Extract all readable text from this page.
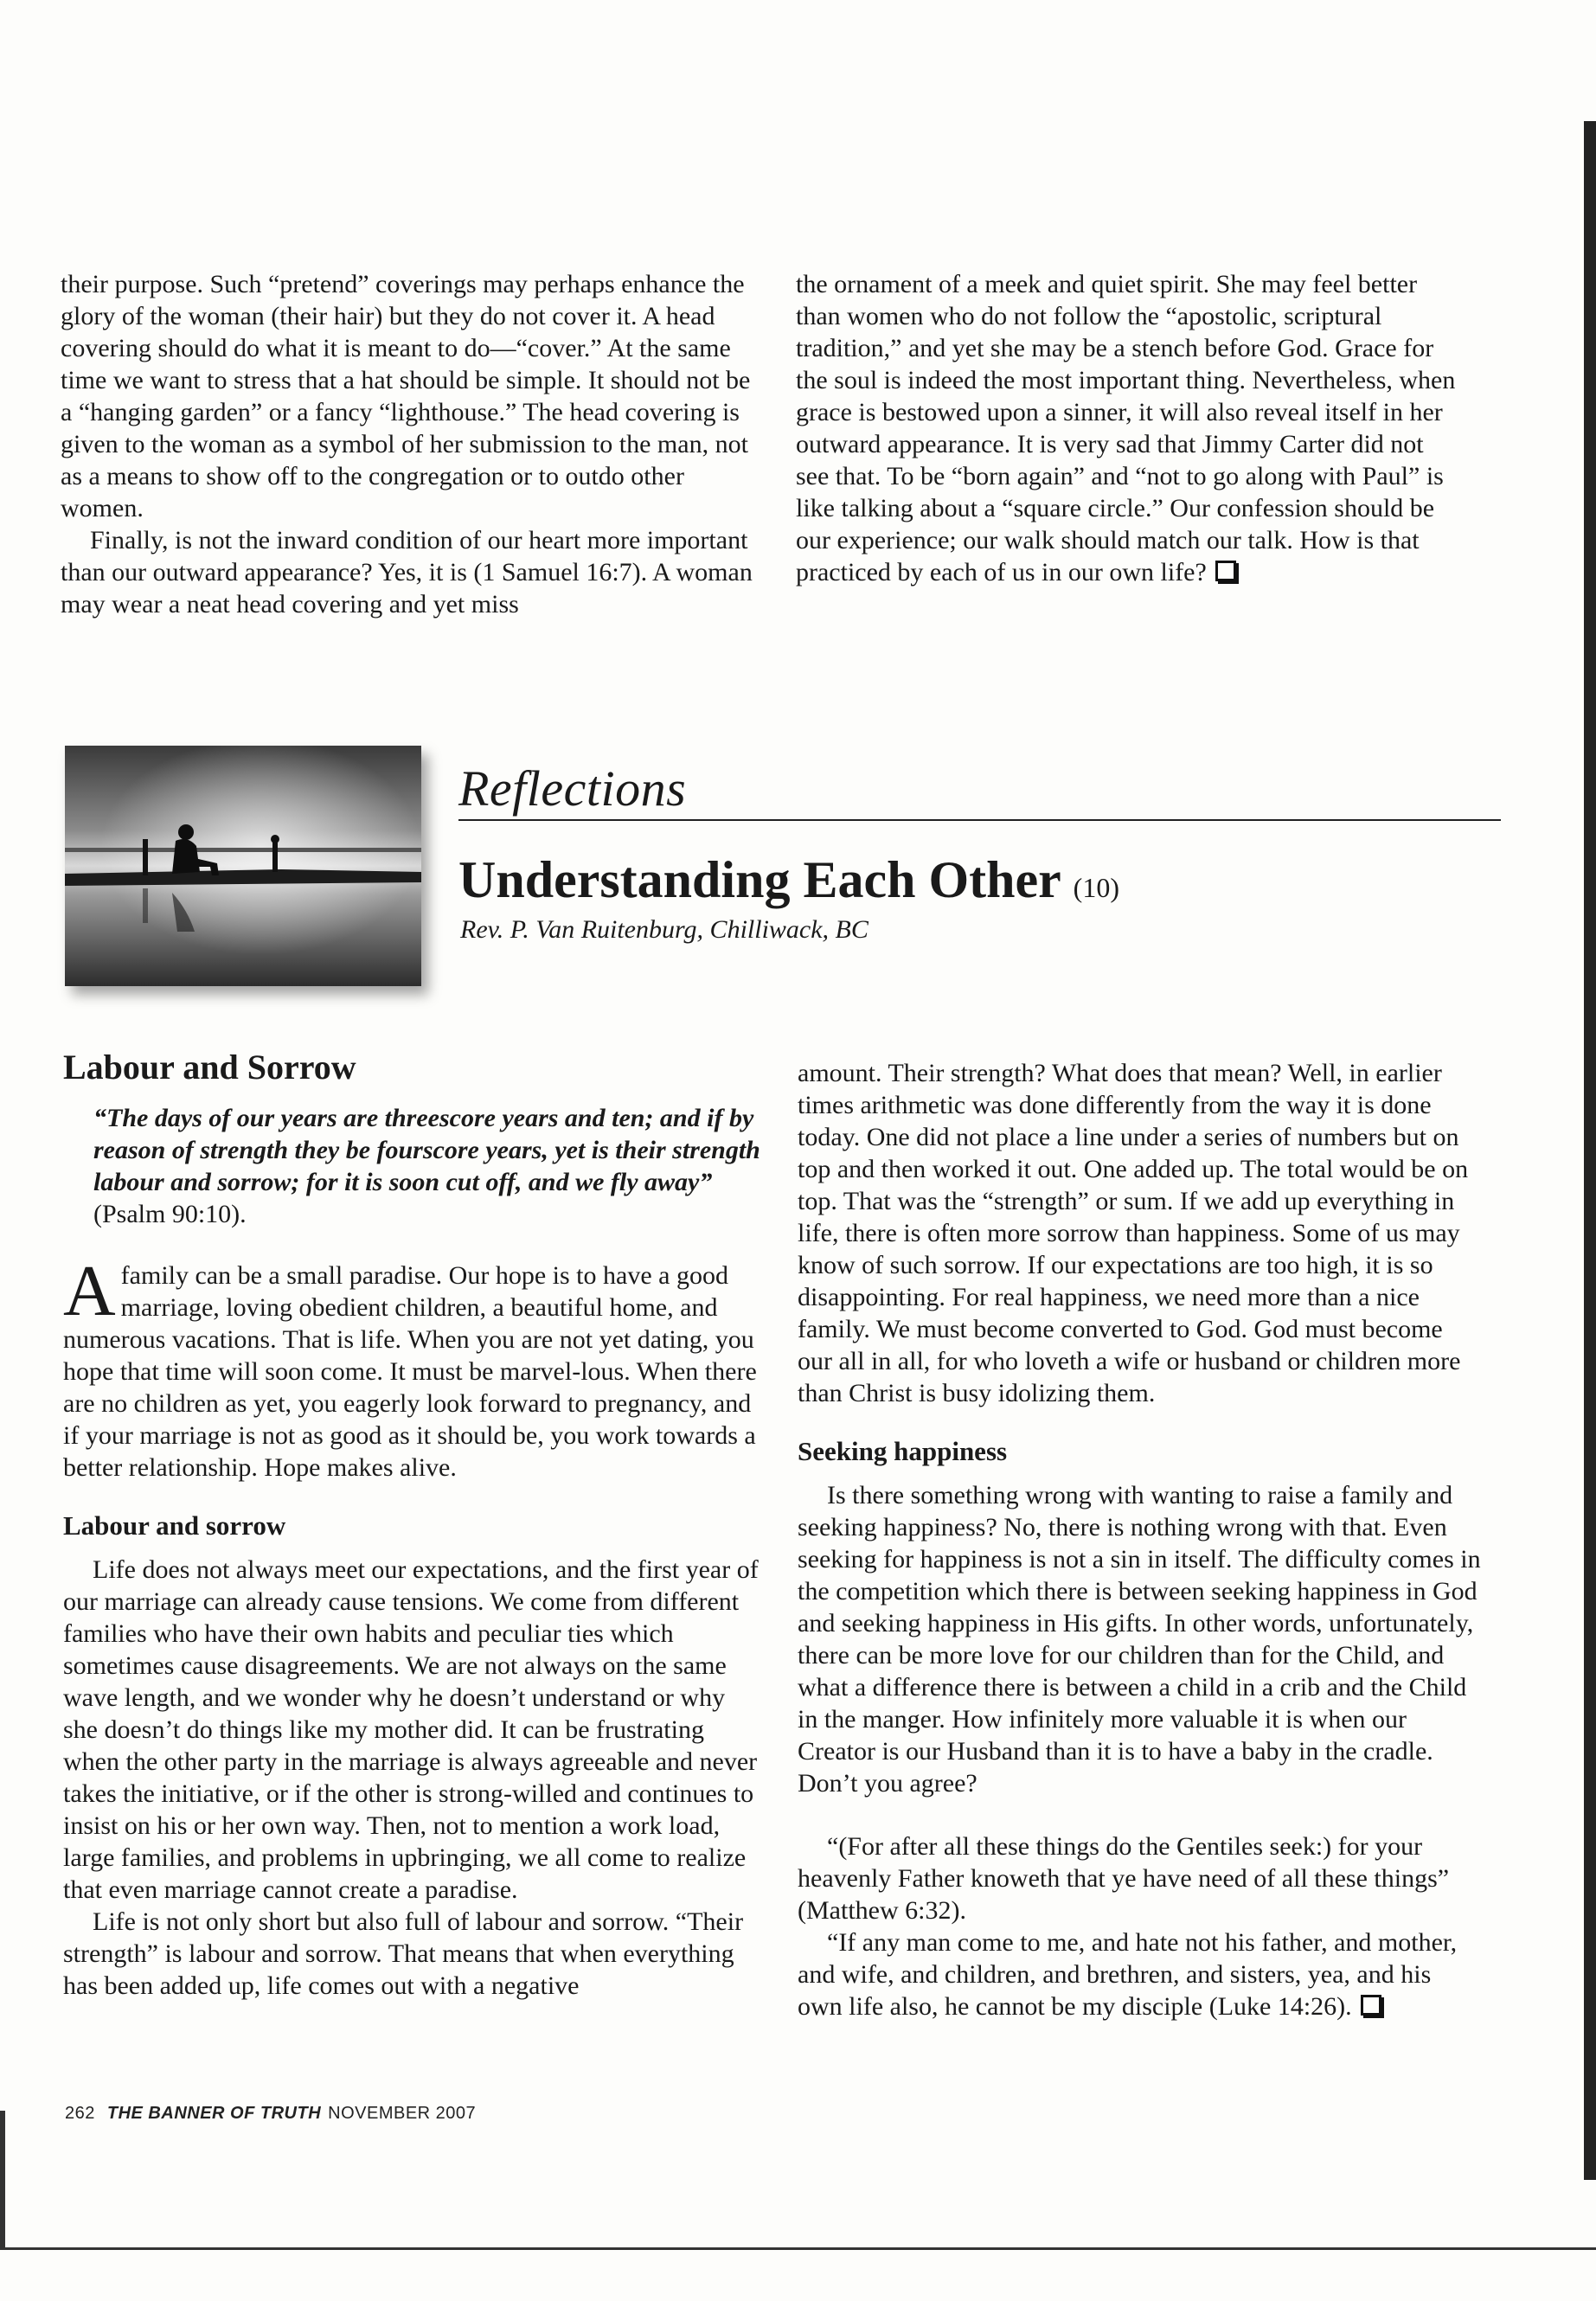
their purpose. Such “pretend” coverings may perhaps enhance the glory of the woman (their hair) but they do not cover it. A head covering should do what it is meant to do—“cover.” At the same time we want to stress that a hat should be simple. It should not be a “hanging garden” or a fancy “lighthouse.” The head covering is given to the woman as a symbol of her submission to the man, not as a means to show off to the congregation or to outdo other women.

Finally, is not the inward condition of our heart more important than our outward appearance? Yes, it is (1 Samuel 16:7). A woman may wear a neat head covering and yet miss

the ornament of a meek and quiet spirit. She may feel better than women who do not follow the “apostolic, scriptural tradition,” and yet she may be a stench before God. Grace for the soul is indeed the most important thing. Nevertheless, when grace is bestowed upon a sinner, it will also reveal itself in her outward appearance. It is very sad that Jimmy Carter did not see that. To be “born again” and “not to go along with Paul” is like talking about a “square circle.” Our confession should be our experience; our walk should match our talk. How is that practiced by each of us in our own life?

Reflections
Understanding Each Other (10)
Rev. P. Van Ruitenburg, Chilliwack, BC
Labour and Sorrow
“The days of our years are threescore years and ten; and if by reason of strength they be fourscore years, yet is their strength labour and sorrow; for it is soon cut off, and we fly away” (Psalm 90:10).

Afamily can be a small paradise. Our hope is to have a good marriage, loving obedient children, a beautiful home, and numerous vacations. That is life. When you are not yet dating, you hope that time will soon come. It must be marvel-lous. When there are no children as yet, you eagerly look forward to pregnancy, and if your marriage is not as good as it should be, you work towards a better relationship. Hope makes alive.

Labour and sorrow

Life does not always meet our expectations, and the first year of our marriage can already cause tensions. We come from different families who have their own habits and peculiar ties which sometimes cause disagreements. We are not always on the same wave length, and we wonder why he doesn’t understand or why she doesn’t do things like my mother did. It can be frustrating when the other party in the marriage is always agreeable and never takes the initiative, or if the other is strong-willed and continues to insist on his or her own way. Then, not to mention a work load, large families, and problems in upbringing, we all come to realize that even marriage cannot create a paradise.

Life is not only short but also full of labour and sorrow. “Their strength” is labour and sorrow. That means that when everything has been added up, life comes out with a negative

amount. Their strength? What does that mean? Well, in earlier times arithmetic was done differently from the way it is done today. One did not place a line under a series of numbers but on top and then worked it out. One added up. The total would be on top. That was the “strength” or sum. If we add up everything in life, there is often more sorrow than happiness. Some of us may know of such sorrow. If our expectations are too high, it is so disappointing. For real happiness, we need more than a nice family. We must become converted to God. God must become our all in all, for who loveth a wife or husband or children more than Christ is busy idolizing them.

Seeking happiness

Is there something wrong with wanting to raise a family and seeking happiness? No, there is nothing wrong with that. Even seeking for happiness is not a sin in itself. The difficulty comes in the competition which there is between seeking happiness in God and seeking happiness in His gifts. In other words, unfortunately, there can be more love for our children than for the Child, and what a difference there is between a child in a crib and the Child in the manger. How infinitely more valuable it is when our Creator is our Husband than it is to have a baby in the cradle. Don’t you agree?

“(For after all these things do the Gentiles seek:) for your heavenly Father knoweth that ye have need of all these things” (Matthew 6:32).

“If any man come to me, and hate not his father, and mother, and wife, and children, and brethren, and sisters, yea, and his own life also, he cannot be my disciple (Luke 14:26).

262 THE BANNER OF TRUTH NOVEMBER 2007
